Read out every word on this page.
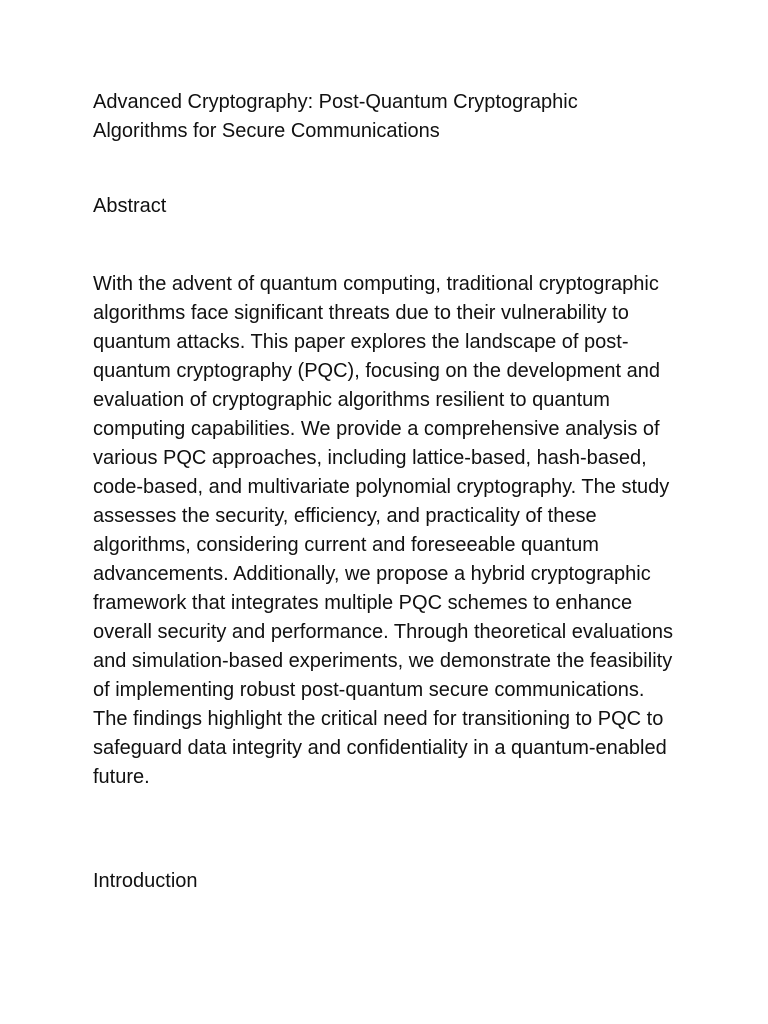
Advanced Cryptography: Post-Quantum Cryptographic Algorithms for Secure Communications

Abstract

With the advent of quantum computing, traditional cryptographic algorithms face significant threats due to their vulnerability to quantum attacks. This paper explores the landscape of post-quantum cryptography (PQC), focusing on the development and evaluation of cryptographic algorithms resilient to quantum computing capabilities. We provide a comprehensive analysis of various PQC approaches, including lattice-based, hash-based, code-based, and multivariate polynomial cryptography. The study assesses the security, efficiency, and practicality of these algorithms, considering current and foreseeable quantum advancements. Additionally, we propose a hybrid cryptographic framework that integrates multiple PQC schemes to enhance overall security and performance. Through theoretical evaluations and simulation-based experiments, we demonstrate the feasibility of implementing robust post-quantum secure communications. The findings highlight the critical need for transitioning to PQC to safeguard data integrity and confidentiality in a quantum-enabled future.

Introduction
